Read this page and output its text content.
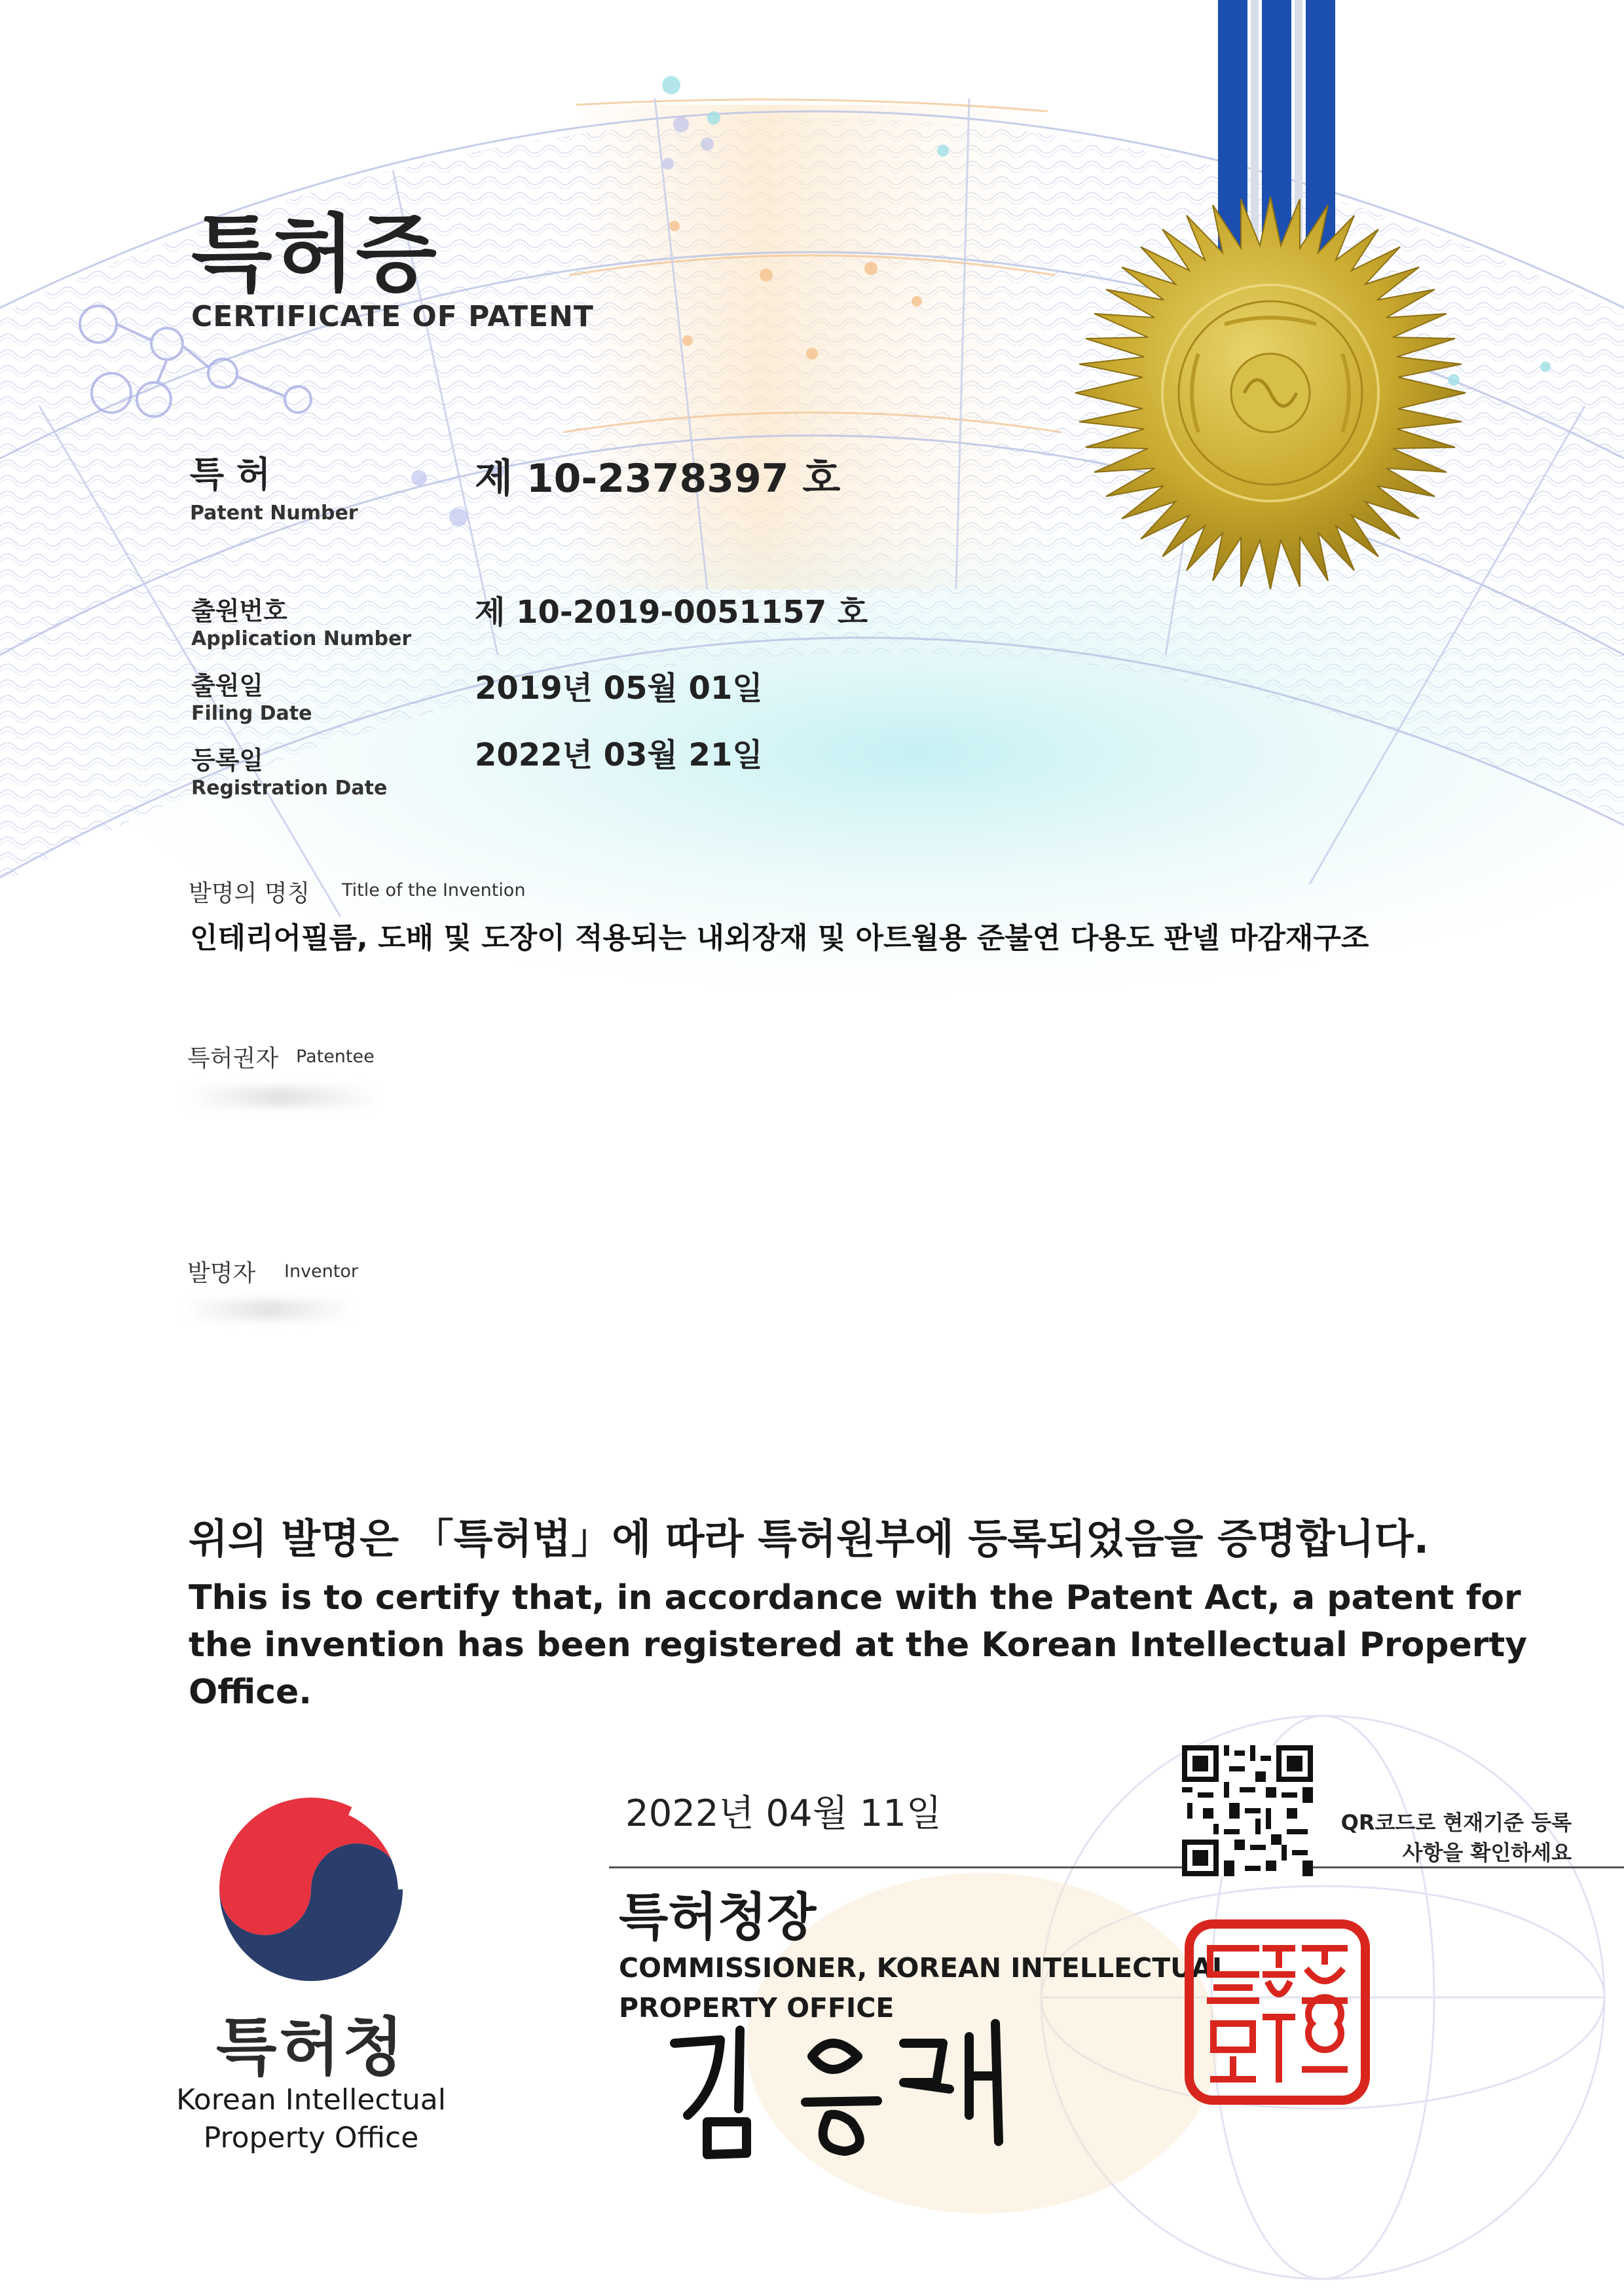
특허증
CERTIFICATE OF PATENT
특 허
Patent Number
제 10-2378397 호
출원번호
Application Number
제 10-2019-0051157 호
출원일
Filing Date
2019년 05월 01일
등록일
Registration Date
2022년 03월 21일
발명의 명칭 Title of the Invention
인테리어필름, 도배 및 도장이 적용되는 내외장재 및 아트월용 준불연 다용도 판넬 마감재구조
특허권자 Patentee
발명자 Inventor
위의 발명은 「특허법」에 따라 특허원부에 등록되었음을 증명합니다.
This is to certify that, in accordance with the Patent Act, a patent for the invention has been registered at the Korean Intellectual Property Office.
특허청
Korean Intellectual Property Office
2022년 04월 11일
특허청장
COMMISSIONER, KOREAN INTELLECTUAL PROPERTY OFFICE
QR코드로 현재기준 등록사항을 확인하세요
